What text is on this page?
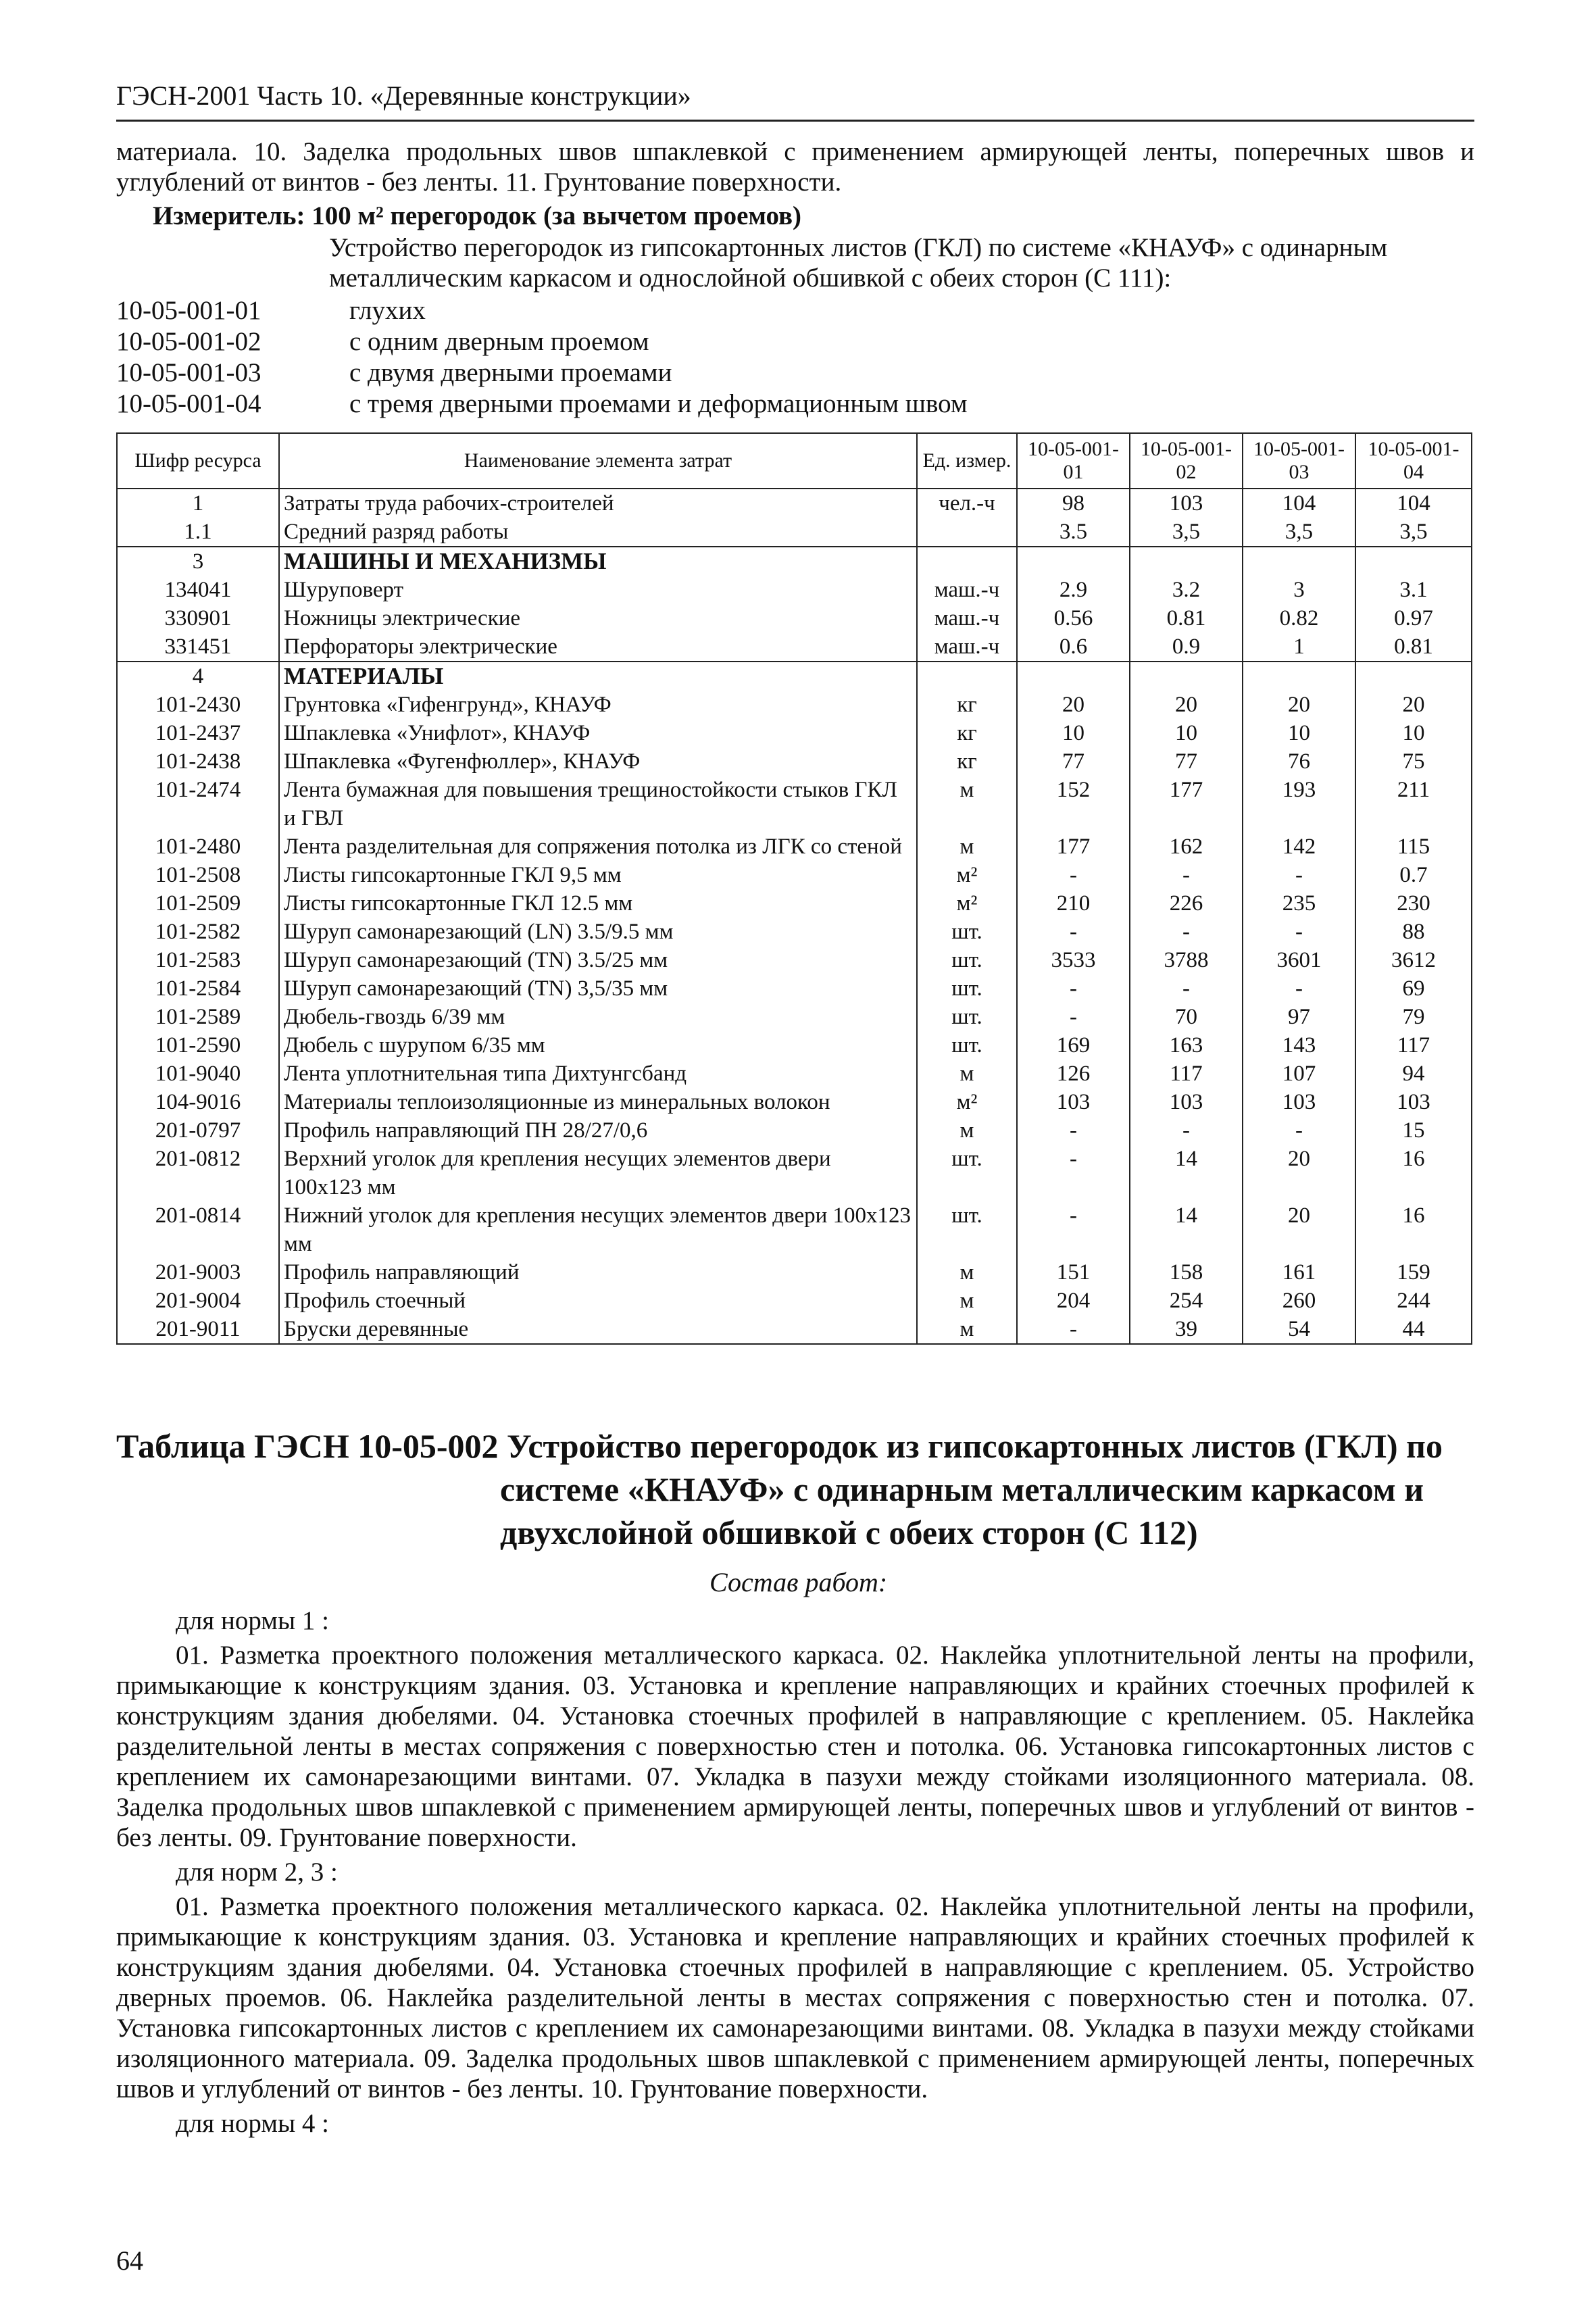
ГЭСН-2001 Часть 10. «Деревянные конструкции»
материала. 10. Заделка продольных швов шпаклевкой с применением армирующей ленты, поперечных швов и углублений от винтов - без ленты. 11. Грунтование поверхности.
Измеритель: 100 м² перегородок (за вычетом проемов)
Устройство перегородок из гипсокартонных листов (ГКЛ) по системе «КНАУФ» с одинарным металлическим каркасом и однослойной обшивкой с обеих сторон (С 111):
10-05-001-01	глухих
10-05-001-02	с одним дверным проемом
10-05-001-03	с двумя дверными проемами
10-05-001-04	с тремя дверными проемами и деформационным швом
Шифр ресурса	Наименование элемента затрат	Ед. измер.	10-05-001-01	10-05-001-02	10-05-001-03	10-05-001-04
1	Затраты труда рабочих-строителей	чел.-ч	98	103	104	104
1.1	Средний разряд работы		3.5	3,5	3,5	3,5
3	МАШИНЫ И МЕХАНИЗМЫ					
134041	Шуруповерт	маш.-ч	2.9	3.2	3	3.1
330901	Ножницы электрические	маш.-ч	0.56	0.81	0.82	0.97
331451	Перфораторы электрические	маш.-ч	0.6	0.9	1	0.81
4	МАТЕРИАЛЫ					
101-2430	Грунтовка «Гифенгрунд», КНАУФ	кг	20	20	20	20
101-2437	Шпаклевка «Унифлот», КНАУФ	кг	10	10	10	10
101-2438	Шпаклевка «Фугенфюллер», КНАУФ	кг	77	77	76	75
101-2474	Лента бумажная для повышения трещиностойкости стыков ГКЛ и ГВЛ	м	152	177	193	211
101-2480	Лента разделительная для сопряжения потолка из ЛГК со стеной	м	177	162	142	115
101-2508	Листы гипсокартонные ГКЛ 9,5 мм	м²	-	-	-	0.7
101-2509	Листы гипсокартонные ГКЛ 12.5 мм	м²	210	226	235	230
101-2582	Шуруп самонарезающий (LN) 3.5/9.5 мм	шт.	-	-	-	88
101-2583	Шуруп самонарезающий (TN) 3.5/25 мм	шт.	3533	3788	3601	3612
101-2584	Шуруп самонарезающий (TN) 3,5/35 мм	шт.	-	-	-	69
101-2589	Дюбель-гвоздь 6/39 мм	шт.	-	70	97	79
101-2590	Дюбель с шурупом 6/35 мм	шт.	169	163	143	117
101-9040	Лента уплотнительная типа Дихтунгсбанд	м	126	117	107	94
104-9016	Материалы теплоизоляционные из минеральных волокон	м²	103	103	103	103
201-0797	Профиль направляющий ПН 28/27/0,6	м	-	-	-	15
201-0812	Верхний уголок для крепления несущих элементов двери 100х123 мм	шт.	-	14	20	16
201-0814	Нижний уголок для крепления несущих элементов двери 100х123 мм	шт.	-	14	20	16
201-9003	Профиль направляющий	м	151	158	161	159
201-9004	Профиль стоечный	м	204	254	260	244
201-9011	Бруски деревянные	м	-	39	54	44
Таблица ГЭСН 10-05-002 Устройство перегородок из гипсокартонных листов (ГКЛ) по
системе «КНАУФ» с одинарным металлическим каркасом и
двухслойной обшивкой с обеих сторон (С 112)
Состав работ:
для нормы 1 :
01. Разметка проектного положения металлического каркаса. 02. Наклейка уплотнительной ленты на профили, примыкающие к конструкциям здания. 03. Установка и крепление направляющих и крайних стоечных профилей к конструкциям здания дюбелями. 04. Установка стоечных профилей в направляющие с креплением. 05. Наклейка разделительной ленты в местах сопряжения с поверхностью стен и потолка. 06. Установка гипсокартонных листов с креплением их самонарезающими винтами. 07. Укладка в пазухи между стойками изоляционного материала. 08. Заделка продольных швов шпаклевкой с применением армирующей ленты, поперечных швов и углублений от винтов - без ленты. 09. Грунтование поверхности.
для норм 2, 3 :
01. Разметка проектного положения металлического каркаса. 02. Наклейка уплотнительной ленты на профили, примыкающие к конструкциям здания. 03. Установка и крепление направляющих и крайних стоечных профилей к конструкциям здания дюбелями. 04. Установка стоечных профилей в направляющие с креплением. 05. Устройство дверных проемов. 06. Наклейка разделительной ленты в местах сопряжения с поверхностью стен и потолка. 07. Установка гипсокартонных листов с креплением их самонарезающими винтами. 08. Укладка в пазухи между стойками изоляционного материала. 09. Заделка продольных швов шпаклевкой с применением армирующей ленты, поперечных швов и углублений от винтов - без ленты. 10. Грунтование поверхности.
для нормы 4 :
64
